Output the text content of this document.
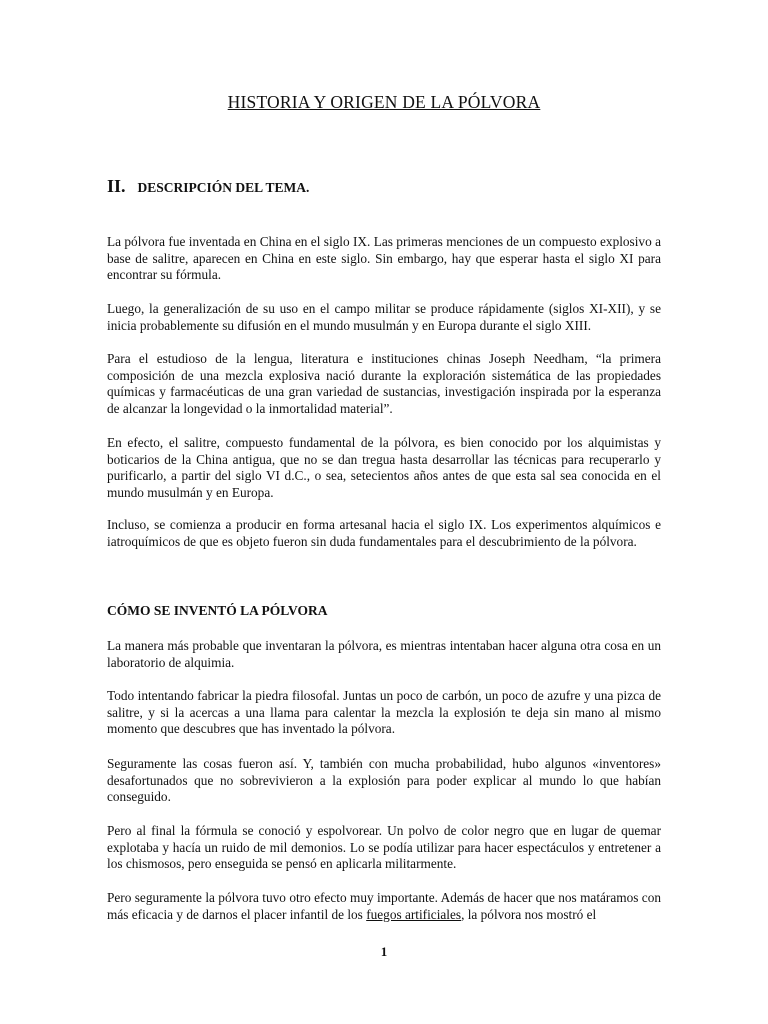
HISTORIA Y ORIGEN DE LA PÓLVORA
II. DESCRIPCIÓN DEL TEMA.

La pólvora fue inventada en China en el siglo IX. Las primeras menciones de un compuesto explosivo a base de salitre, aparecen en China en este siglo. Sin embargo, hay que esperar hasta el siglo XI para encontrar su fórmula.

Luego, la generalización de su uso en el campo militar se produce rápidamente (siglos XI-XII), y se inicia probablemente su difusión en el mundo musulmán y en Europa durante el siglo XIII.

Para el estudioso de la lengua, literatura e instituciones chinas Joseph Needham, “la primera composición de una mezcla explosiva nació durante la exploración sistemática de las propiedades químicas y farmacéuticas de una gran variedad de sustancias, investigación inspirada por la esperanza de alcanzar la longevidad o la inmortalidad material”.

En efecto, el salitre, compuesto fundamental de la pólvora, es bien conocido por los alquimistas y boticarios de la China antigua, que no se dan tregua hasta desarrollar las técnicas para recuperarlo y purificarlo, a partir del siglo VI d.C., o sea, setecientos años antes de que esta sal sea conocida en el mundo musulmán y en Europa.

Incluso, se comienza a producir en forma artesanal hacia el siglo IX. Los experimentos alquímicos e iatroquímicos de que es objeto fueron sin duda fundamentales para el descubrimiento de la pólvora.

CÓMO SE INVENTÓ LA PÓLVORA

La manera más probable que inventaran la pólvora, es mientras intentaban hacer alguna otra cosa en un laboratorio de alquimia.

Todo intentando fabricar la piedra filosofal. Juntas un poco de carbón, un poco de azufre y una pizca de salitre, y si la acercas a una llama para calentar la mezcla la explosión te deja sin mano al mismo momento que descubres que has inventado la pólvora.

Seguramente las cosas fueron así. Y, también con mucha probabilidad, hubo algunos «inventores» desafortunados que no sobrevivieron a la explosión para poder explicar al mundo lo que habían conseguido.

Pero al final la fórmula se conoció y espolvorear. Un polvo de color negro que en lugar de quemar explotaba y hacía un ruido de mil demonios. Lo se podía utilizar para hacer espectáculos y entretener a los chismosos, pero enseguida se pensó en aplicarla militarmente.

Pero seguramente la pólvora tuvo otro efecto muy importante. Además de hacer que nos matáramos con más eficacia y de darnos el placer infantil de los fuegos artificiales, la pólvora nos mostró el

1
